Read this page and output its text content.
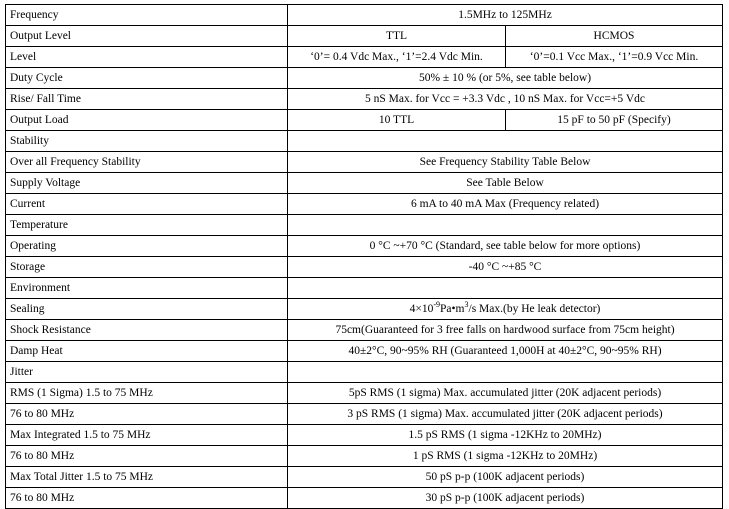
Frequency	1.5MHz to 125MHz	
Output Level	TTL	HCMOS
Level	‘0’= 0.4 Vdc Max., ‘1’=2.4 Vdc Min.	‘0’=0.1 Vcc Max., ‘1’=0.9 Vcc Min.
Duty Cycle	50% ± 10 % (or 5%, see table below)	
Rise/ Fall Time	5 nS Max. for Vcc = +3.3 Vdc , 10 nS Max. for Vcc=+5 Vdc	
Output Load	10 TTL	15 pF to 50 pF (Specify)
Stability		
Over all Frequency Stability	See Frequency Stability Table Below	
Supply Voltage	See Table Below	
Current	6 mA to 40 mA Max (Frequency related)	
Temperature		
Operating	0 °C ~+70 °C (Standard, see table below for more options)	
Storage	-40 °C ~+85 °C	
Environment		
Sealing	$4\times 10^{-9}Pa•m^3/s$ Max.(by He leak detector)	
Shock Resistance	75cm(Guaranteed for 3 free falls on hardwood surface from 75cm height)	
Damp Heat	40±2°C, 90~95% RH (Guaranteed 1,000H at 40±2°C, 90~95% RH)	
Jitter		
RMS (1 Sigma) 1.5 to 75 MHz	5pS RMS (1 sigma) Max. accumulated jitter (20K adjacent periods)	
76 to 80 MHz	3 pS RMS (1 sigma) Max. accumulated jitter (20K adjacent periods)	
Max Integrated 1.5 to 75 MHz	1.5 pS RMS (1 sigma -12KHz to 20MHz)	
76 to 80 MHz	1 pS RMS (1 sigma -12KHz to 20MHz)	
Max Total Jitter 1.5 to 75 MHz	50 pS p-p (100K adjacent periods)	
76 to 80 MHz	30 pS p-p (100K adjacent periods)	
